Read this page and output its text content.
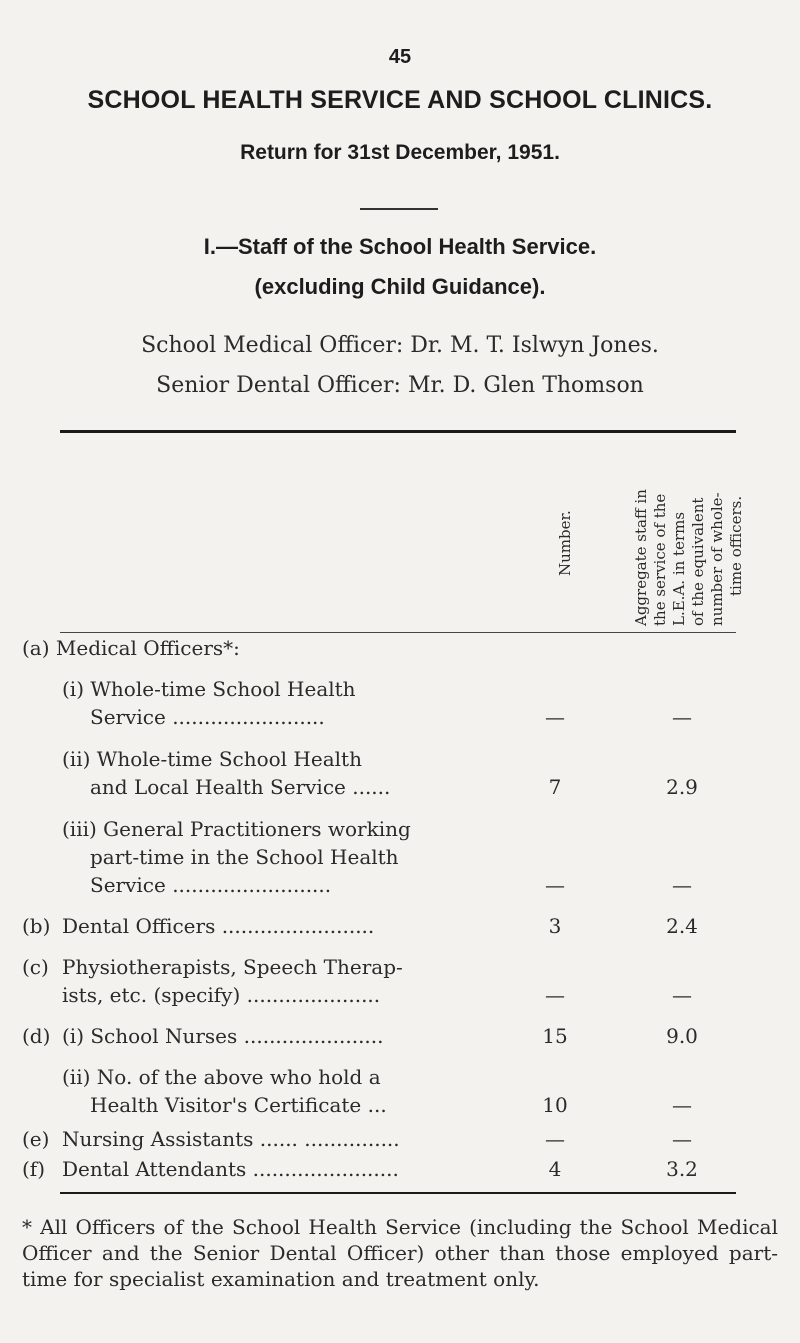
45
SCHOOL HEALTH SERVICE AND SCHOOL CLINICS.
Return for 31st December, 1951.
I.—Staff of the School Health Service.
(excluding Child Guidance).
School Medical Officer: Dr. M. T. Islwyn Jones.
Senior Dental Officer: Mr. D. Glen Thomson
Number.	Aggregate staff in the service of the L.E.A. in terms of the equivalent number of whole- time officers.
(a) Medical Officers*:
(i) Whole-time School Health
Service ........................	—	—
(ii) Whole-time School Health
and Local Health Service ......	7	2.9
(iii) General Practitioners working
part-time in the School Health
Service .........................	—	—
(b) Dental Officers ........................	3	2.4
(c) Physiotherapists, Speech Therap-
ists, etc. (specify) .....................	—	—
(d) (i) School Nurses ......................	15	9.0
(ii) No. of the above who hold a
Health Visitor's Certificate ...	10	—
(e) Nursing Assistants ...... ...............	—	—
(f) Dental Attendants .......................	4	3.2
* All Officers of the School Health Service (including the School Medical Officer and the Senior Dental Officer) other than those employed part-time for specialist examination and treatment only.
